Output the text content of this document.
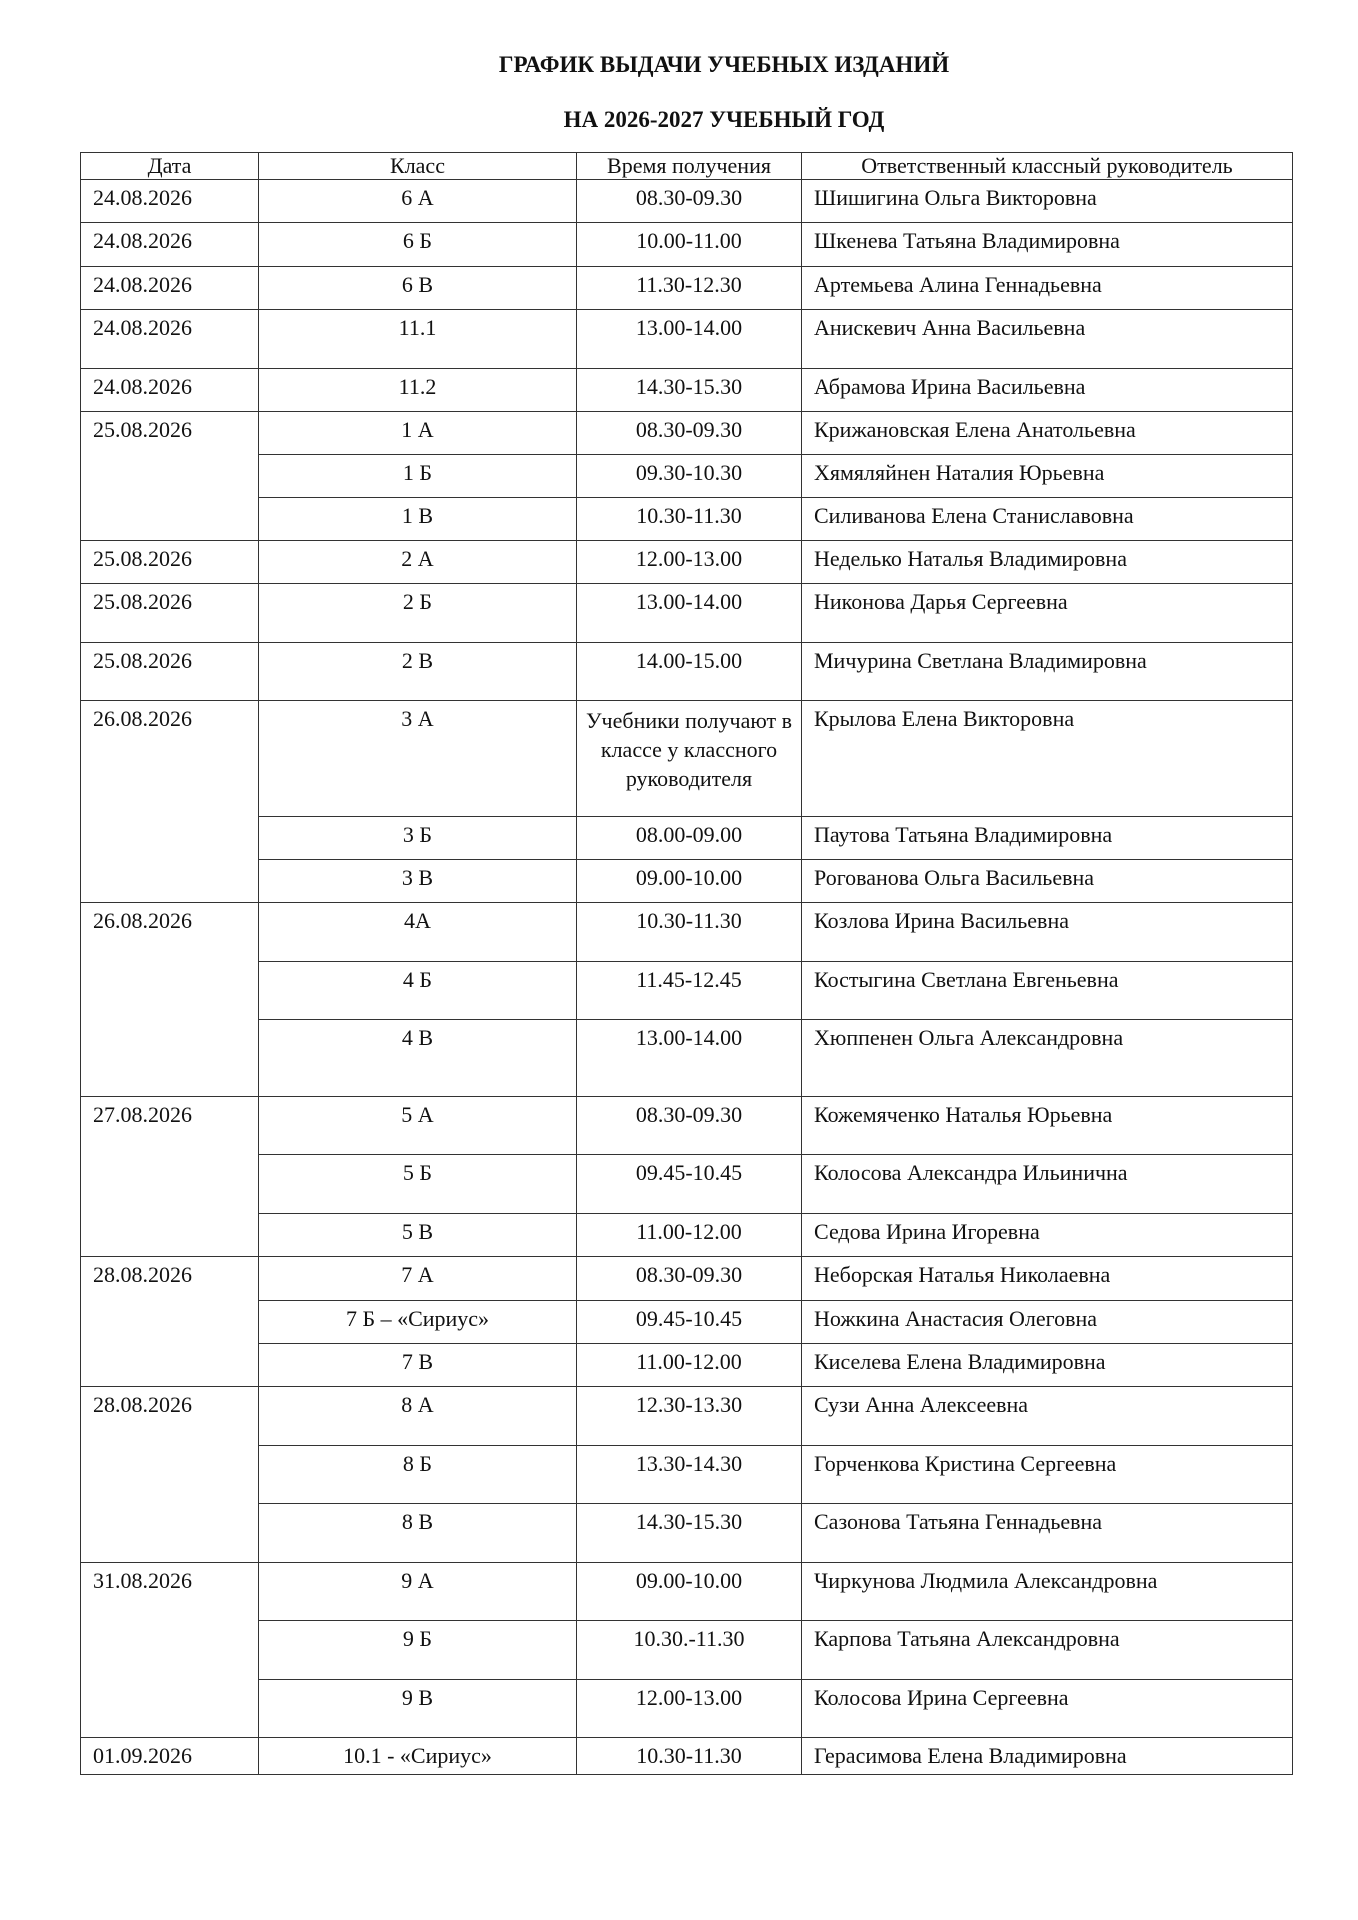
ГРАФИК ВЫДАЧИ УЧЕБНЫХ ИЗДАНИЙ
НА 2026-2027 УЧЕБНЫЙ ГОД
Дата	Класс	Время получения	Ответственный классный руководитель
24.08.2026	6 А	08.30-09.30	Шишигина Ольга Викторовна
24.08.2026	6 Б	10.00-11.00	Шкенева Татьяна Владимировна
24.08.2026	6 В	11.30-12.30	Артемьева Алина Геннадьевна
24.08.2026	11.1	13.00-14.00	Анискевич Анна Васильевна
24.08.2026	11.2	14.30-15.30	Абрамова Ирина Васильевна
25.08.2026	1 А	08.30-09.30	Крижановская Елена Анатольевна
	1 Б	09.30-10.30	Хямяляйнен Наталия Юрьевна
	1 В	10.30-11.30	Силиванова Елена Станиславовна
25.08.2026	2 А	12.00-13.00	Неделько Наталья Владимировна
25.08.2026	2 Б	13.00-14.00	Никонова Дарья Сергеевна
25.08.2026	2 В	14.00-15.00	Мичурина Светлана Владимировна
26.08.2026	3 А	Учебники получают в классе у классного руководителя	Крылова Елена Викторовна
	3 Б	08.00-09.00	Паутова Татьяна Владимировна
	3 В	09.00-10.00	Рогованова Ольга Васильевна
26.08.2026	4А	10.30-11.30	Козлова Ирина Васильевна
	4 Б	11.45-12.45	Костыгина Светлана Евгеньевна
	4 В	13.00-14.00	Хюппенен Ольга Александровна
27.08.2026	5 А	08.30-09.30	Кожемяченко Наталья Юрьевна
	5 Б	09.45-10.45	Колосова Александра Ильинична
	5 В	11.00-12.00	Седова Ирина Игоревна
28.08.2026	7 А	08.30-09.30	Неборская Наталья Николаевна
	7 Б – «Сириус»	09.45-10.45	Ножкина Анастасия Олеговна
	7 В	11.00-12.00	Киселева Елена Владимировна
28.08.2026	8 А	12.30-13.30	Сузи Анна Алексеевна
	8 Б	13.30-14.30	Горченкова Кристина Сергеевна
	8 В	14.30-15.30	Сазонова Татьяна Геннадьевна
31.08.2026	9 А	09.00-10.00	Чиркунова Людмила Александровна
	9 Б	10.30.-11.30	Карпова Татьяна Александровна
	9 В	12.00-13.00	Колосова Ирина Сергеевна
01.09.2026	10.1 - «Сириус»	10.30-11.30	Герасимова Елена Владимировна
